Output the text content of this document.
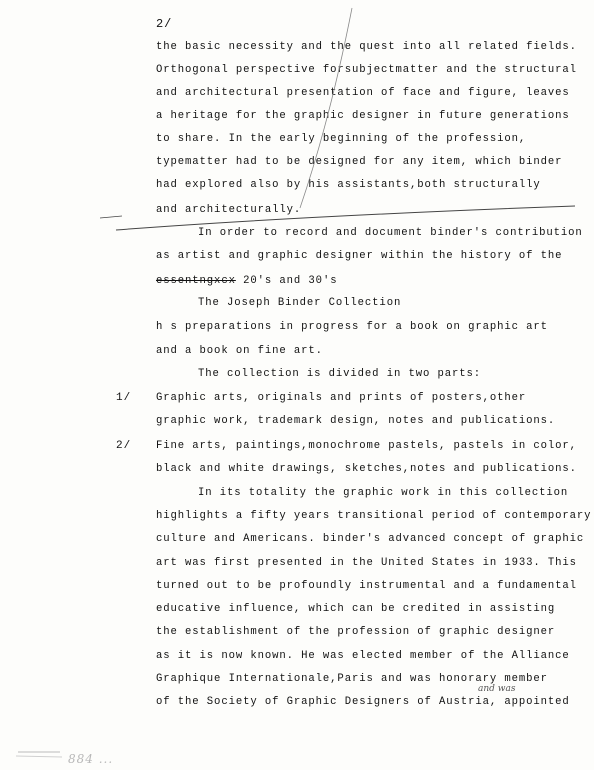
2/
the basic necessity and the quest into all related fields.
Orthogonal perspective forsubjectmatter and the structural
and architectural presentation of face and figure, leaves
a heritage for the graphic designer in future generations
to share. In the early beginning of the profession,
typematter had to be designed for any item, which binder
had explored also by his assistants,both structurally
and architecturally.
In order to record and document binder's contribution
as artist and graphic designer within the history of the
essentngxcx 20's and 30's
The Joseph Binder Collection
h s preparations in progress for a book on graphic art
and a book on fine art.
The collection is divided in two parts:
1/ Graphic arts, originals and prints of posters,other
graphic work, trademark design, notes and publications.
2/ Fine arts, paintings,monochrome pastels, pastels in color,
black and white drawings, sketches,notes and publications.
In its totality the graphic work in this collection
highlights a fifty years transitional period of contemporary
culture and Americans. binder's advanced concept of graphic
art was first presented in the United States in 1933. This
turned out to be profoundly instrumental and a fundamental
educative influence, which can be credited in assisting
the establishment of the profession of graphic designer
as it is now known. He was elected member of the Alliance
Graphique Internationale,Paris and was honorary member
of the Society of Graphic Designers of Austria, appointed
and was
884 ...
